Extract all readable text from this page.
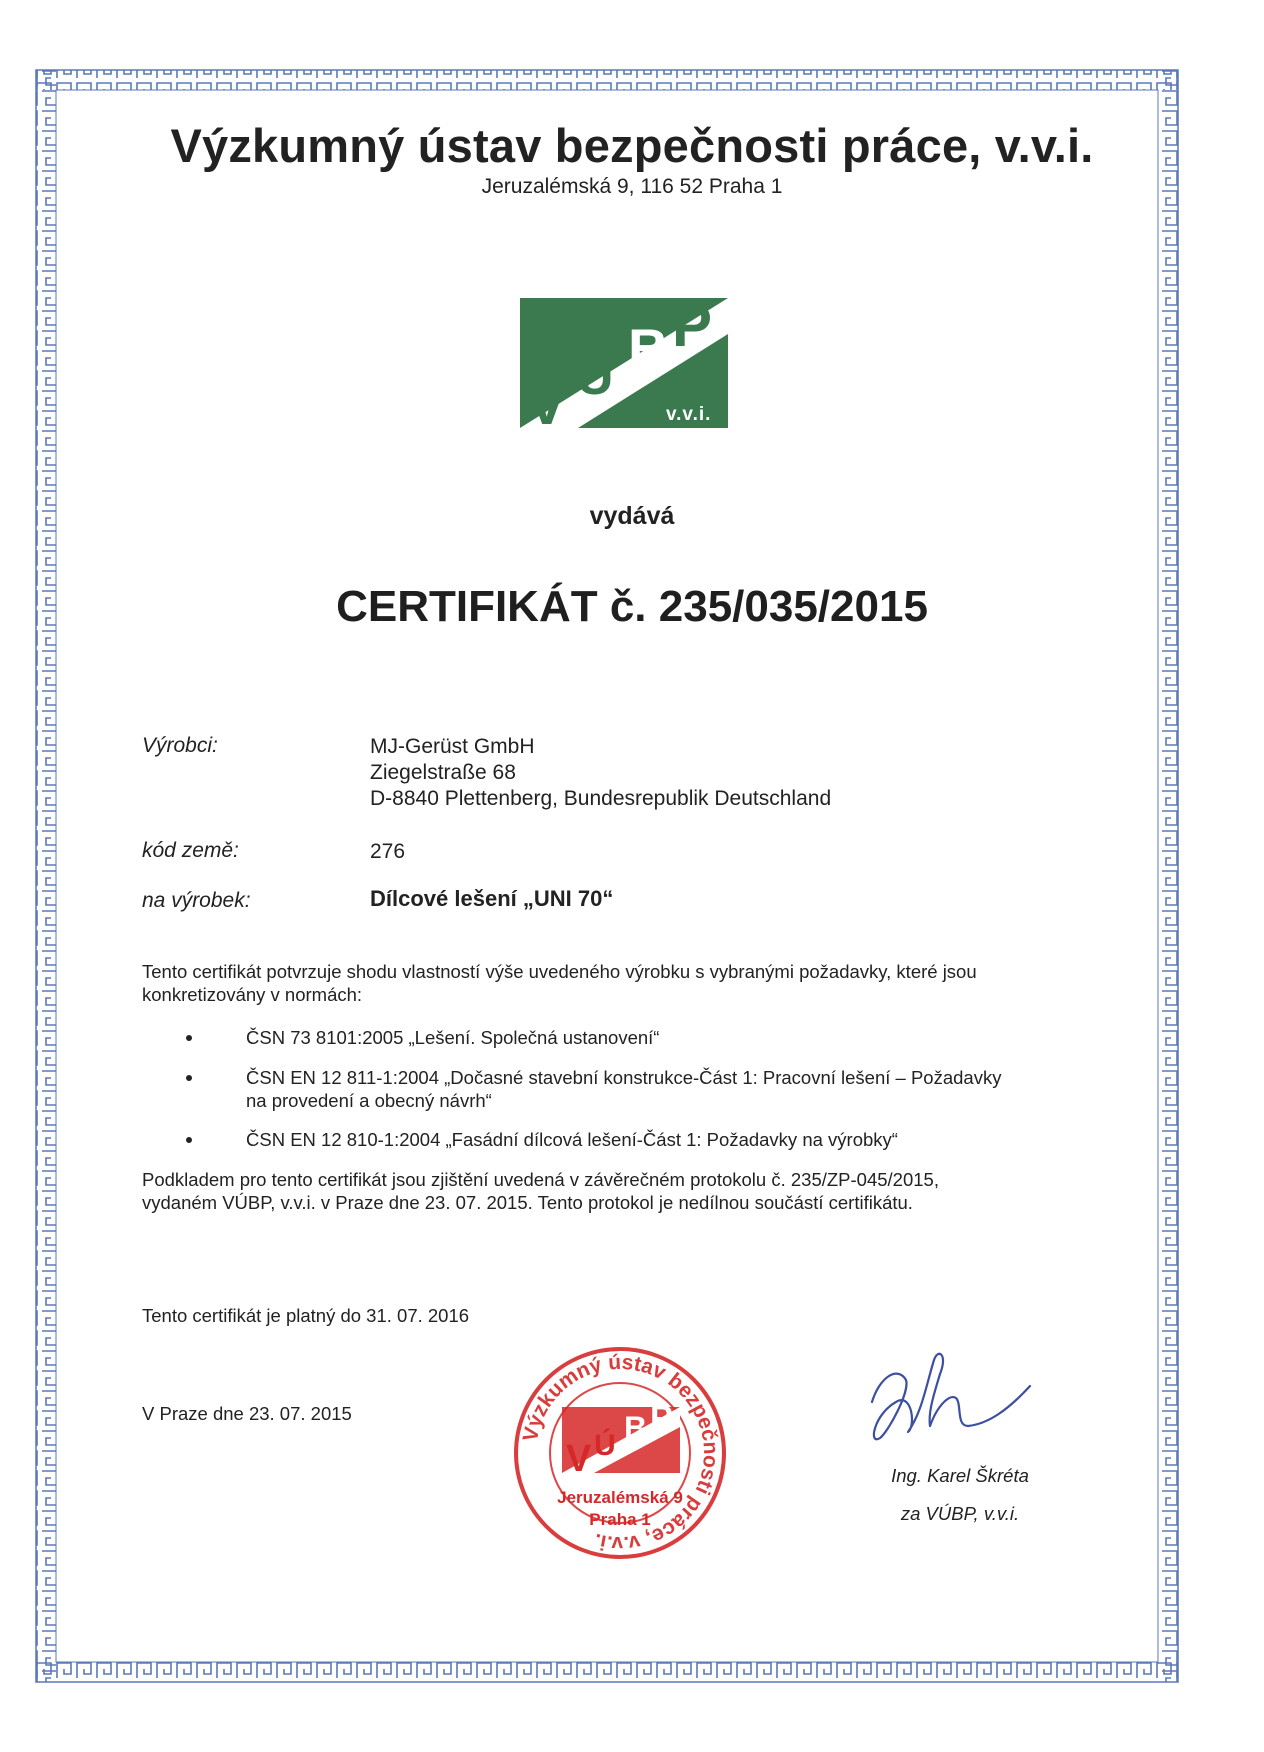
Výzkumný ústav bezpečnosti práce, v.v.i.
Jeruzalémská 9, 116 52 Praha 1
V Ú B P
v.v.i.
vydává
CERTIFIKÁT č. 235/035/2015
Výrobci:	MJ-Gerüst GmbH
Ziegelstraße 68
D-8840 Plettenberg, Bundesrepublik Deutschland
kód země:	276
na výrobek:	Dílcové lešení „UNI 70“
Tento certifikát potvrzuje shodu vlastností výše uvedeného výrobku s vybranými požadavky, které jsou
konkretizovány v normách:
ČSN 73 8101:2005 „Lešení. Společná ustanovení“
ČSN EN 12 811-1:2004 „Dočasné stavební konstrukce-Část 1: Pracovní lešení – Požadavky
na provedení a obecný návrh“
ČSN EN 12 810-1:2004 „Fasádní dílcová lešení-Část 1: Požadavky na výrobky“
Podkladem pro tento certifikát jsou zjištění uvedená v závěrečném protokolu č. 235/ZP-045/2015,
vydaném VÚBP, v.v.i. v Praze dne 23. 07. 2015. Tento protokol je nedílnou součástí certifikátu.
Tento certifikát je platný do 31. 07. 2016
V Praze dne 23. 07. 2015
Výzkumný ústav bezpečnosti práce, v.v.i.
V Ú B P
Jeruzalémská 9
Praha 1
Ing. Karel Škréta
za VÚBP, v.v.i.
